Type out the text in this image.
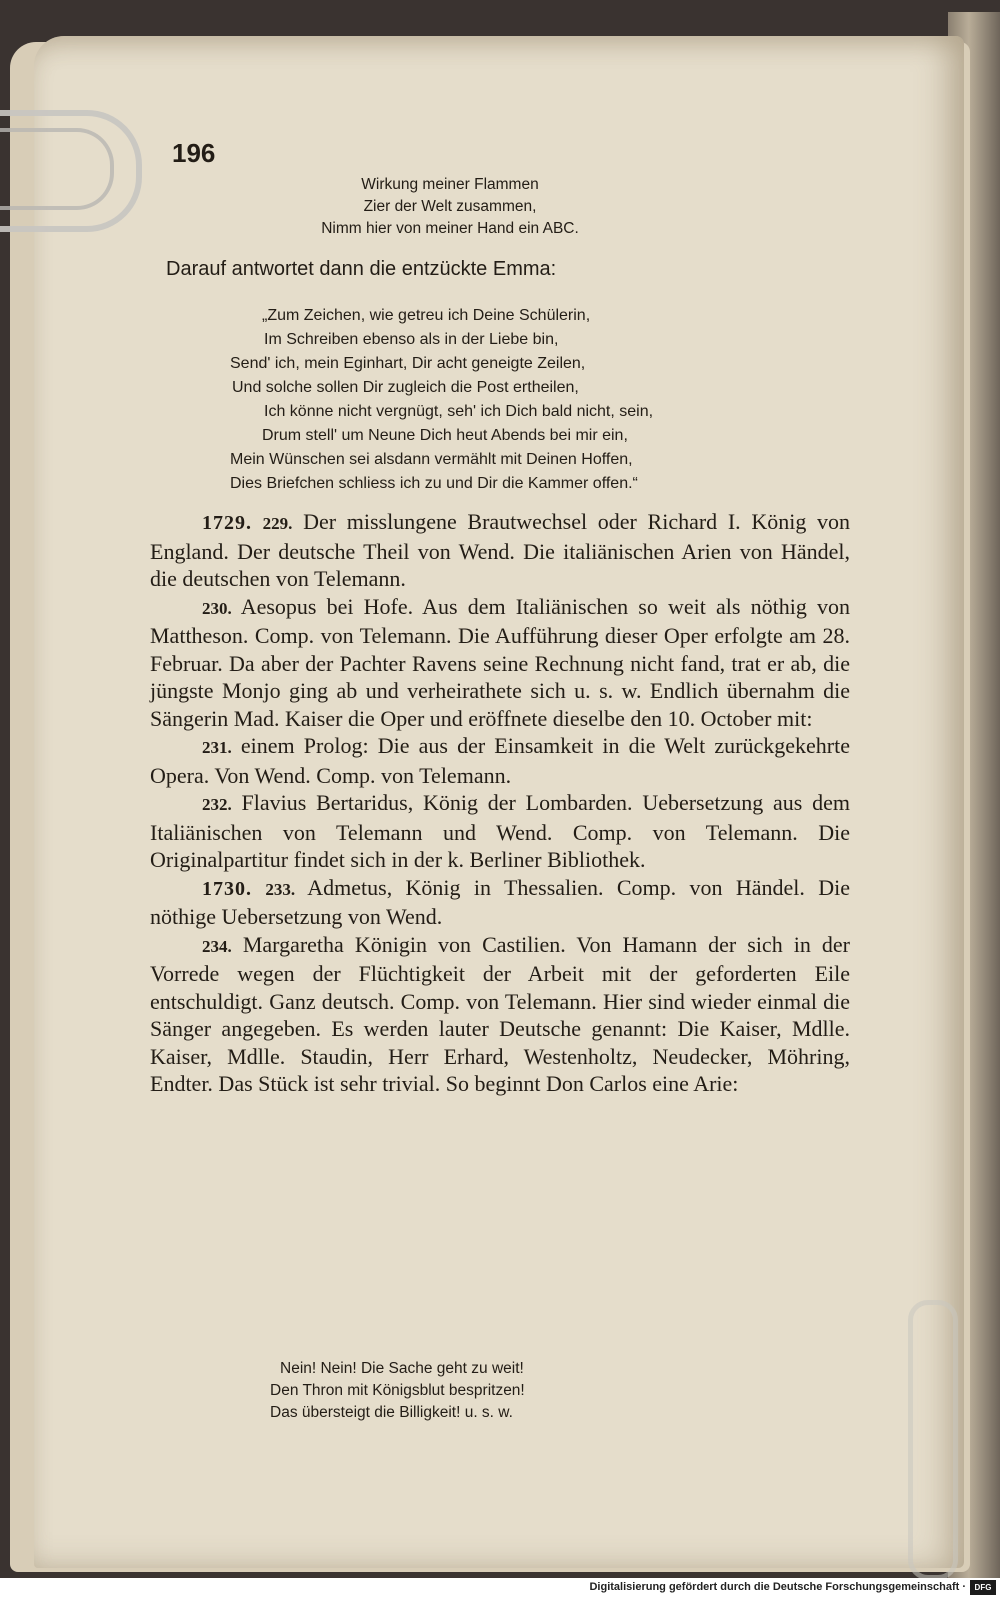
196
Wirkung meiner Flammen
Zier der Welt zusammen,
Nimm hier von meiner Hand ein ABC.
Darauf antwortet dann die entzückte Emma:
„Zum Zeichen, wie getreu ich Deine Schülerin,
Im Schreiben ebenso als in der Liebe bin,
Send' ich, mein Eginhart, Dir acht geneigte Zeilen,
Und solche sollen Dir zugleich die Post ertheilen,
Ich könne nicht vergnügt, seh' ich Dich bald nicht, sein,
Drum stell' um Neune Dich heut Abends bei mir ein,
Mein Wünschen sei alsdann vermählt mit Deinen Hoffen,
Dies Briefchen schliess ich zu und Dir die Kammer offen.“

1729. 229. Der misslungene Brautwechsel oder Richard I. König von England. Der deutsche Theil von Wend. Die italiänischen Arien von Händel, die deutschen von Telemann.

230. Aesopus bei Hofe. Aus dem Italiänischen so weit als nöthig von Mattheson. Comp. von Telemann. Die Aufführung dieser Oper erfolgte am 28. Februar. Da aber der Pachter Ravens seine Rechnung nicht fand, trat er ab, die jüngste Monjo ging ab und verheirathete sich u. s. w. Endlich übernahm die Sängerin Mad. Kaiser die Oper und eröffnete dieselbe den 10. October mit:

231. einem Prolog: Die aus der Einsamkeit in die Welt zurückgekehrte Opera. Von Wend. Comp. von Telemann.

232. Flavius Bertaridus, König der Lombarden. Uebersetzung aus dem Italiänischen von Telemann und Wend. Comp. von Telemann. Die Originalpartitur findet sich in der k. Berliner Bibliothek.

1730. 233. Admetus, König in Thessalien. Comp. von Händel. Die nöthige Uebersetzung von Wend.

234. Margaretha Königin von Castilien. Von Hamann der sich in der Vorrede wegen der Flüchtigkeit der Arbeit mit der geforderten Eile entschuldigt. Ganz deutsch. Comp. von Telemann. Hier sind wieder einmal die Sänger angegeben. Es werden lauter Deutsche genannt: Die Kaiser, Mdlle. Kaiser, Mdlle. Staudin, Herr Erhard, Westenholtz, Neudecker, Möhring, Endter. Das Stück ist sehr trivial. So beginnt Don Carlos eine Arie:

Nein! Nein! Die Sache geht zu weit!
Den Thron mit Königsblut bespritzen!
Das übersteigt die Billigkeit! u. s. w.
Digitalisierung gefördert durch die Deutsche Forschungsgemeinschaft ·	DFG
